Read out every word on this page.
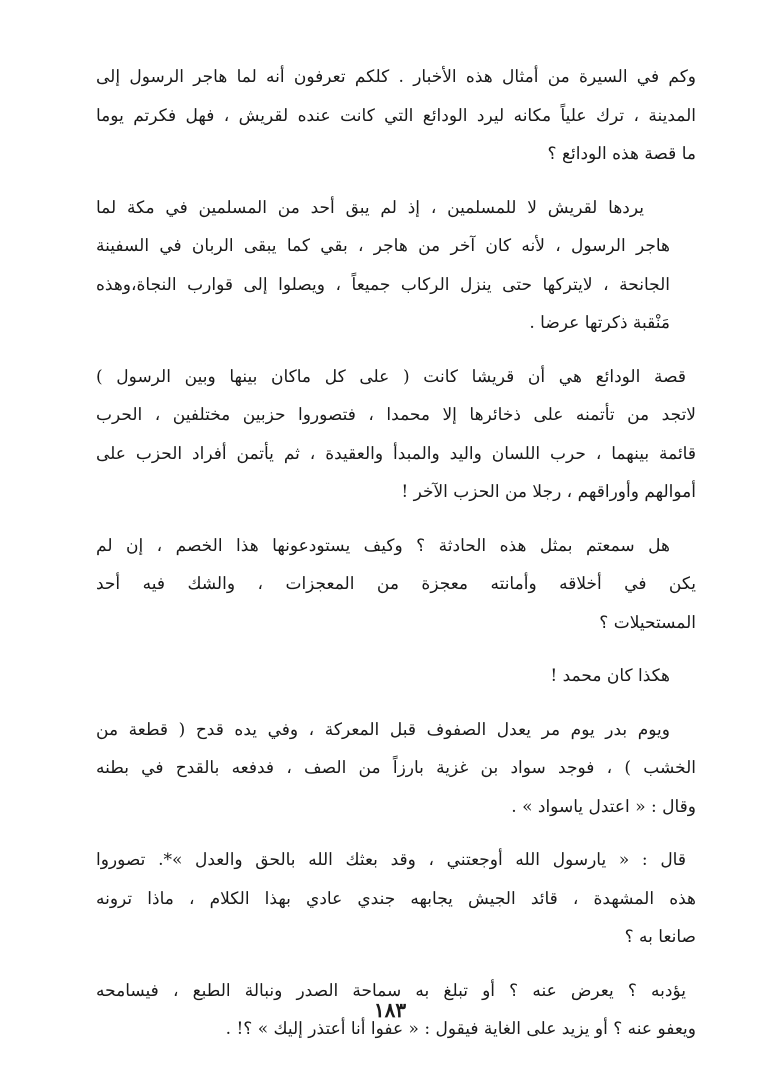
وكم في السيرة من أمثال هذه الأخبار . كلكم تعرفون أنه لما هاجر الرسول إلى
المدينة ، ترك علياً مكانه ليرد الودائع التي كانت عنده لقريش ، فهل فكرتم يوما
ما قصة هذه الودائع ؟

يردها لقريش لا للمسلمين ، إذ لم يبق أحد من المسلمين في مكة لما
هاجر الرسول ، لأنه كان آخر من هاجر ، بقي كما يبقى الربان في السفينة
الجانحة ، لايتركها حتى ينزل الركاب جميعاً ، ويصلوا إلى قوارب النجاة،وهذه
مَنْقبة ذكرتها عرضا .

قصة الودائع هي أن قريشا كانت ( على كل ماكان بينها وبين الرسول )
لاتجد من تأتمنه على ذخائرها إلا محمدا ، فتصوروا حزبين مختلفين ، الحرب
قائمة بينهما ، حرب اللسان واليد والمبدأ والعقيدة ، ثم يأتمن أفراد الحزب على
أموالهم وأوراقهم ، رجلا من الحزب الآخر !

هل سمعتم بمثل هذه الحادثة ؟ وكيف يستودعونها هذا الخصم ، إن لم
يكن في أخلاقه وأمانته معجزة من المعجزات ، والشك فيه أحد
المستحيلات ؟

هكذا كان محمد !

ويوم بدر يوم مر يعدل الصفوف قبل المعركة ، وفي يده قدح ( قطعة من
الخشب ) ، فوجد سواد بن غزية بارزاً من الصف ، فدفعه بالقدح في بطنه
وقال : « اعتدل ياسواد » .

قال : « يارسول الله أوجعتني ، وقد بعثك الله بالحق والعدل »*. تصوروا
هذه المشهدة ، قائد الجيش يجابهه جندي عادي بهذا الكلام ، ماذا ترونه
صانعا به ؟

يؤدبه ؟ يعرض عنه ؟ أو تبلغ به سماحة الصدر ونبالة الطبع ، فيسامحه
ويعفو عنه ؟ أو يزيد على الغاية فيقول : « عفوا أنا أعتذر إليك » ؟! .

١٨٣
